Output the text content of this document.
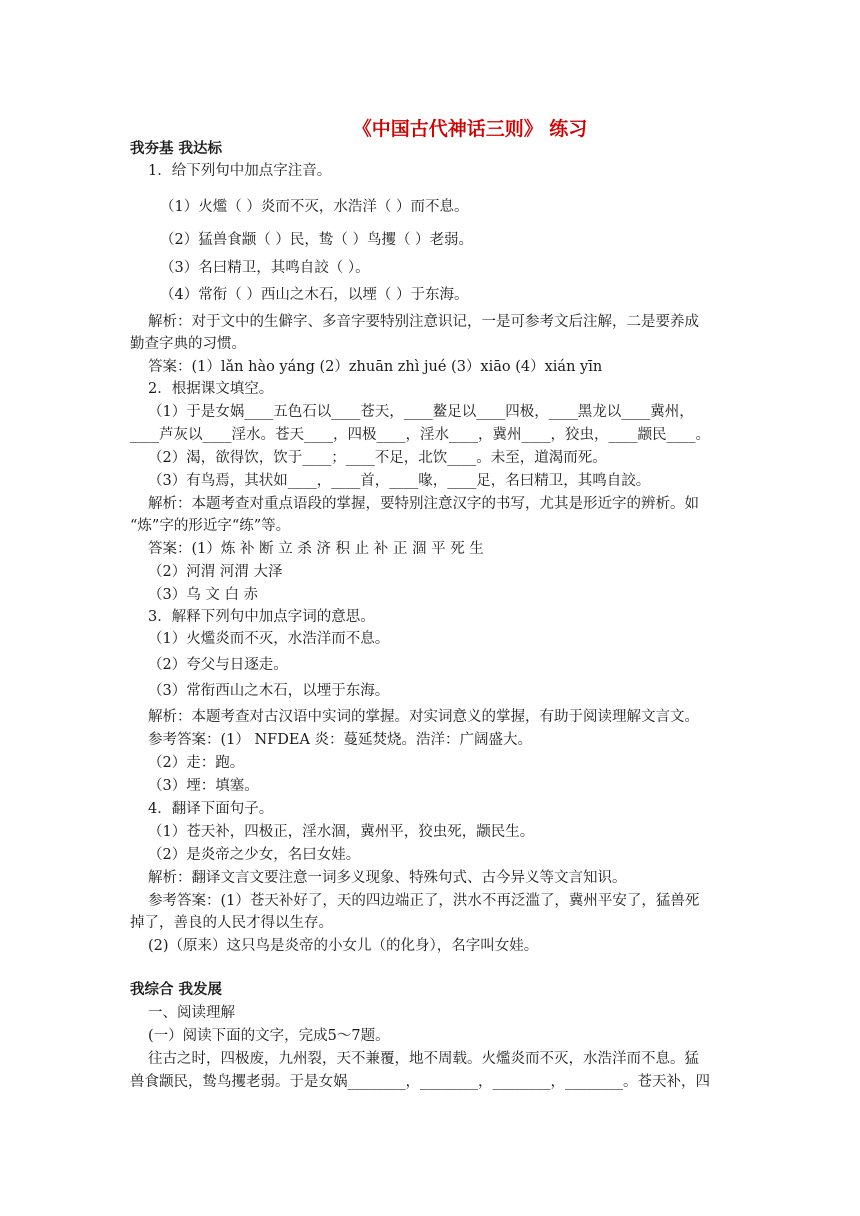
《中国古代神话三则》 练习
我夯基 我达标
1．给下列句中加点字注音。
（1）火爁（ ）炎而不灭，水浩洋（ ）而不息。
（2）猛兽食颛（ ）民，鸷（ ）鸟攫（ ）老弱。
（3）名曰精卫，其鸣自詨（ ）。
（4）常衔（ ）西山之木石，以堙（ ）于东海。
解析：对于文中的生僻字、多音字要特别注意识记，一是可参考文后注解，二是要养成
勤查字典的习惯。
答案：(1）lǎn hào yáng (2）zhuān zhì jué (3）xiāo (4）xián yīn
2．根据课文填空。
（1）于是女娲____五色石以____苍天，____鳌足以____四极，____黑龙以____冀州，
____芦灰以____淫水。苍天____，四极____，淫水____，冀州____，狡虫，____颛民____。
（2）渴，欲得饮，饮于____；____不足，北饮____。未至，道渴而死。
（3）有鸟焉，其状如____，____首，____喙，____足，名曰精卫，其鸣自詨。
解析：本题考查对重点语段的掌握，要特别注意汉字的书写，尤其是形近字的辨析。如
“炼”字的形近字“练”等。
答案：(1）炼 补 断 立 杀 济 积 止 补 正 涸 平 死 生
（2）河渭 河渭 大泽
（3）乌 文 白 赤
3．解释下列句中加点字词的意思。
（1）火爁炎而不灭，水浩洋而不息。
（2）夸父与日逐走。
（3）常衔西山之木石，以堙于东海。
解析：本题考查对古汉语中实词的掌握。对实词意义的掌握，有助于阅读理解文言文。
参考答案：(1） NFDEA 炎：蔓延焚烧。浩洋：广阔盛大。
（2）走：跑。
（3）堙：填塞。
4．翻译下面句子。
（1）苍天补，四极正，淫水涸，冀州平，狡虫死，颛民生。
（2）是炎帝之少女，名曰女娃。
解析：翻译文言文要注意一词多义现象、特殊句式、古今异义等文言知识。
参考答案：(1）苍天补好了，天的四边端正了，洪水不再泛滥了，冀州平安了，猛兽死
掉了，善良的人民才得以生存。
(2)（原来）这只鸟是炎帝的小女儿（的化身），名字叫女娃。
我综合 我发展
一、阅读理解
(一）阅读下面的文字，完成5～7题。
往古之时，四极废，九州裂，天不兼覆，地不周载。火爁炎而不灭，水浩洋而不息。猛
兽食颛民，鸷鸟攫老弱。于是女娲________，________，________，________。苍天补，四
